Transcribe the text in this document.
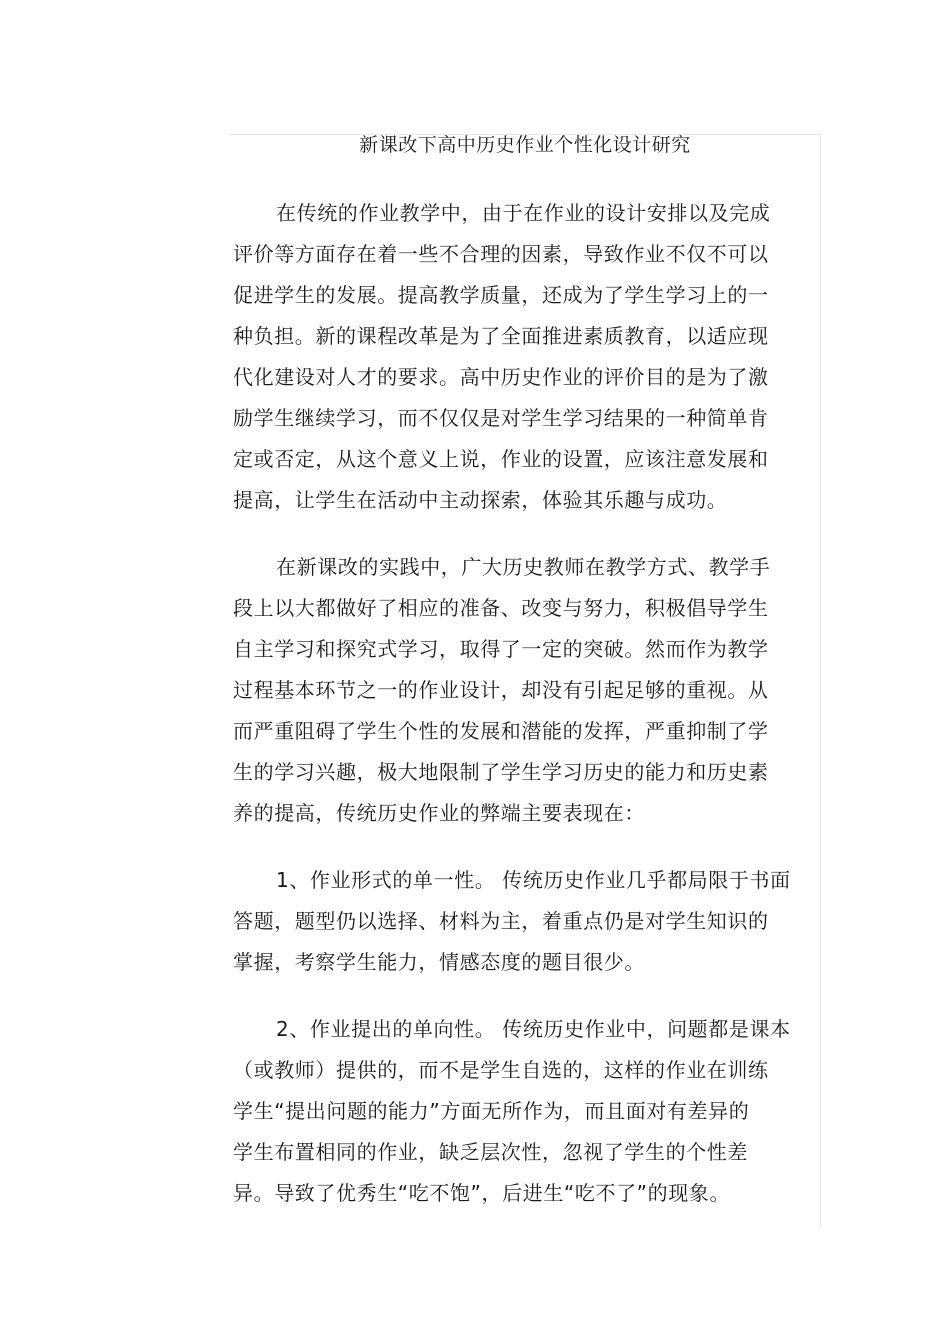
新课改下高中历史作业个性化设计研究
在传统的作业教学中，由于在作业的设计安排以及完成
评价等方面存在着一些不合理的因素，导致作业不仅不可以
促进学生的发展。提高教学质量，还成为了学生学习上的一
种负担。新的课程改革是为了全面推进素质教育，以适应现
代化建设对人才的要求。高中历史作业的评价目的是为了激
励学生继续学习，而不仅仅是对学生学习结果的一种简单肯
定或否定，从这个意义上说，作业的设置，应该注意发展和
提高，让学生在活动中主动探索，体验其乐趣与成功。
在新课改的实践中，广大历史教师在教学方式、教学手
段上以大都做好了相应的准备、改变与努力，积极倡导学生
自主学习和探究式学习，取得了一定的突破。然而作为教学
过程基本环节之一的作业设计，却没有引起足够的重视。从
而严重阻碍了学生个性的发展和潜能的发挥，严重抑制了学
生的学习兴趣，极大地限制了学生学习历史的能力和历史素
养的提高，传统历史作业的弊端主要表现在：
1、作业形式的单一性。 传统历史作业几乎都局限于书面
答题，题型仍以选择、材料为主，着重点仍是对学生知识的
掌握，考察学生能力，情感态度的题目很少。
2、作业提出的单向性。 传统历史作业中，问题都是课本
（或教师）提供的，而不是学生自选的，这样的作业在训练
学生“提出问题的能力”方面无所作为，而且面对有差异的
学生布置相同的作业，缺乏层次性，忽视了学生的个性差
异。导致了优秀生“吃不饱”，后进生“吃不了”的现象。
